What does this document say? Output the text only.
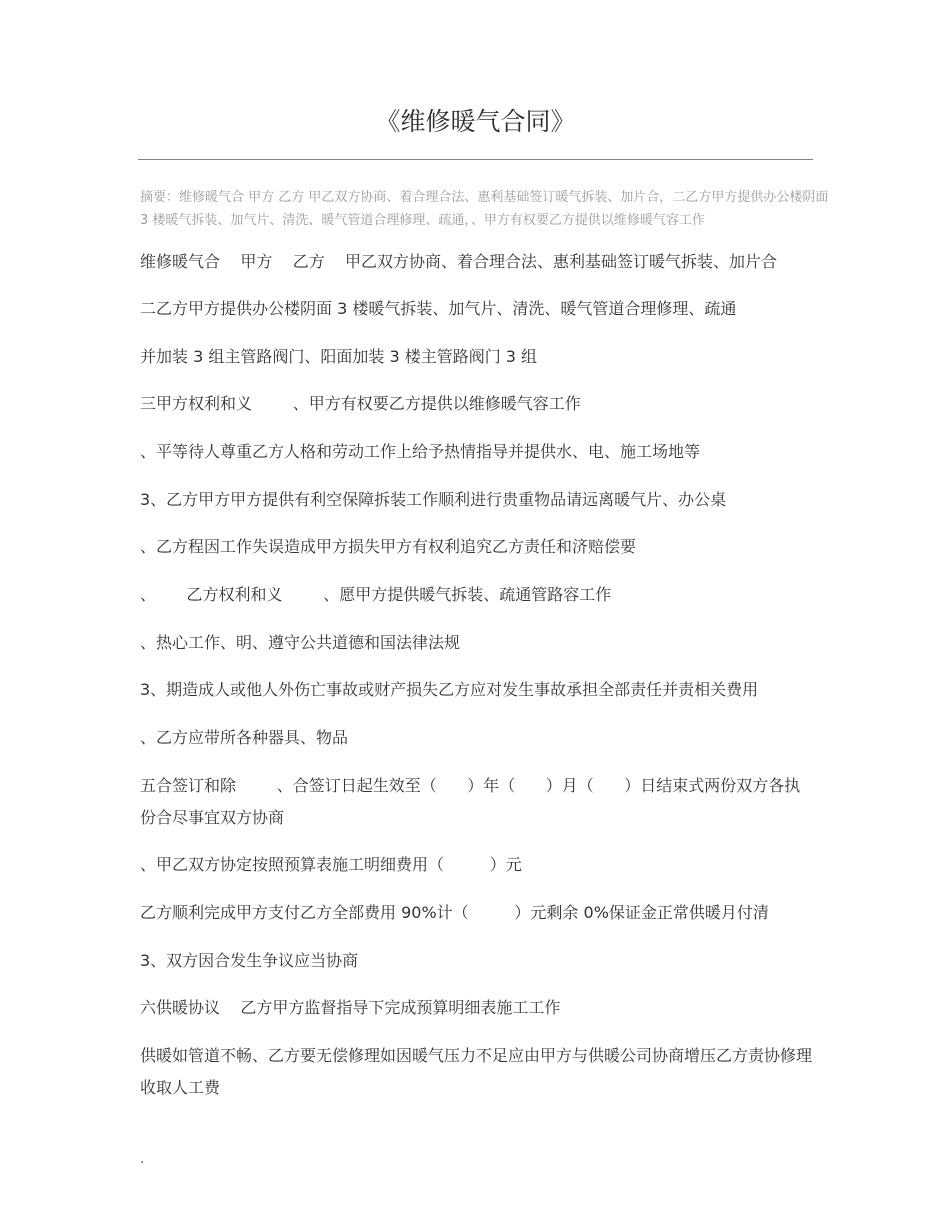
《维修暖气合同》
摘要：维修暖气合 甲方 乙方 甲乙双方协商、着合理合法、惠利基础签订暖气拆装、加片合，二乙方甲方提供办公楼阴面 3 楼暖气拆装、加气片、清洗、暖气管道合理修理、疏通，、甲方有权要乙方提供以维修暖气容工作
维修暖气合    甲方    乙方    甲乙双方协商、着合理合法、惠利基础签订暖气拆装、加片合
二乙方甲方提供办公楼阴面 3 楼暖气拆装、加气片、清洗、暖气管道合理修理、疏通
并加装 3 组主管路阀门、阳面加装 3 楼主管路阀门 3 组
三甲方权利和义        、甲方有权要乙方提供以维修暖气容工作
、平等待人尊重乙方人格和劳动工作上给予热情指导并提供水、电、施工场地等
3、乙方甲方甲方提供有利空保障拆装工作顺利进行贵重物品请远离暖气片、办公桌
、乙方程因工作失误造成甲方损失甲方有权利追究乙方责任和济赔偿要
、      乙方权利和义        、愿甲方提供暖气拆装、疏通管路容工作
、热心工作、明、遵守公共道德和国法律法规
3、期造成人或他人外伤亡事故或财产损失乙方应对发生事故承担全部责任并责相关费用
、乙方应带所各种器具、物品
五合签订和除        、合签订日起生效至（      ）年（      ）月（      ）日结束式两份双方各执份合尽事宜双方协商
、甲乙双方协定按照预算表施工明细费用（         ）元
乙方顺利完成甲方支付乙方全部费用 90%计（         ）元剩余 0%保证金正常供暖月付清
3、双方因合发生争议应当协商
六供暖协议    乙方甲方监督指导下完成预算明细表施工工作
供暖如管道不畅、乙方要无偿修理如因暖气压力不足应由甲方与供暖公司协商增压乙方责协修理收取人工费
.
